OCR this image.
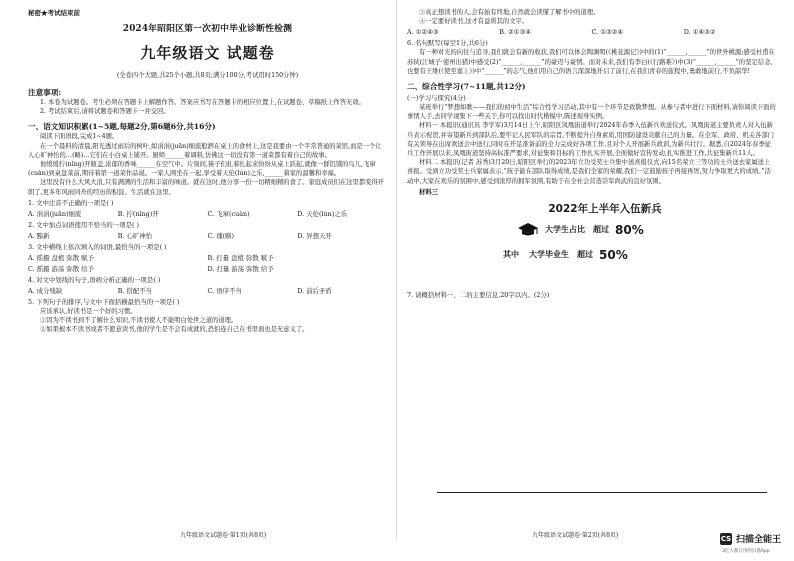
秘密★考试结束前
2024年昭阳区第一次初中毕业诊断性检测
九年级语文 试题卷
(全卷四个大题,共25个小题,共8页;满分100分,考试用时150分钟)
注意事项:

1. 本卷为试题卷。考生必须在答题卡上解题作答。答案应书写在答题卡的相应位置上,在试题卷、草稿纸上作答无效。

2. 考试结束后,请将试题卷和答题卡一并交回。

一、语文知识积累(1~5题,每题2分,第6题6分,共16分)

阅读下面语段,完成1~4题。

在一个晨料的清晨,阳光透过雨后的树叶,如涓涓(juān)细流般洒在桌上的食材上,这是我要由一个平常普通的菜馆,而是一个让人心旷神怡的…(略)…它们在小白桌上铺开。厨师______着调料,仿佛这一切没有第一道菜都有着自己的故事。

他缓缓拧(nǐng)开瓶盖,浓郁的香味______在空气中。片刻间,筷子们扎着扎起来纷纷从桌上跃起,就像一群饥饿的鸟儿,飞窜(cuàn)到桌盘菜前,期待着第一道菜作品诞。一家人围坐在一起,享受着天伦(lún)之乐,______着家的温馨和幸福。

这里没有什么大风大浪,只有满满的生活和丰富的味道。就在这时,他分享一份一切精细精的食了。家庭成员们在这里都变得开朗了,更多年风雨同舟的经历的积淀。生活就在这里。

1. 文中注音不正确的一项是( )
A. 涓涓(juān)细流	B. 拧(nǐng)开	C. 飞窜(cuàn)	D. 天伦(lún)之乐
2. 文中加点词语使用不恰当的一项是( )
A. 黯新	B. 心旷神怡	C. 瑰(略)	D. 异想天开
3. 文中横线上依次填入的词语,最恰当的一项是( )
A. 摇摄 盘植 弥散 赋予	B. 打量 盘植 弥散 赋予
C. 摇摄 游荡 弥散 给予	D. 打量 游荡 弥散 给予
4. 对文中划线的句子,语病分析正确的一项是( )
A. 成分残缺	B. 搭配不当	C. 语序不当	D. 前后矛盾
5. 下列句子的排序,与文中下面括横最恰当的一项是( )

应该承认,好读书是一个好的习惯。

①因为不读书到不了解什么知识,不读书使人不能明白处世之道的道理。

②如果根本不读书或者不愿意读书,他的学生是不会有成就的,恐怕连自己在书里面也是无意义了。

九年级语文试题卷·第1页(共8页)

③真正想读书的人,会有始有终地,自然就会读懂了解书中的道理。

④一定要好读书,这才有益将其的文字。

A. ①②④③	B. ②①③④	C. ①③②④	D. ①④③②
6. 名句默写(每空1分,共6分)

有一种对光的向往与追寻,我们就会有新的收获,我们可以体会陶渊明(《桃花源记》)中的(1)“______,______”的世外桃源;感受杜甫在苏轼(江城子·密州出猎)中感受(2)“______,______”的豪迈与豪情。而对未来,我们有李白(《行路难》)中(3)“______,______”的坚定信念,也要有王维(《使至塞上》)中“______”的志气,他们用自己的语言深深地开启了前行,在我们青春的旅程中,勇敢地前行,不负韶华!

二、综合性学习(7~11题,共12分)
(一)学习与探究(4分)

某班举行“梦想如歌——我们的初中生活”综合性学习活动,其中有一个环节是致敬梦想。从参与者中进行下面材料,请你阅读下面的事情人手,去同学现集下一些关于,你可以找出时代楷模中,陈述现身实例。

材料一 本报讯(通讯员 李学军)3月14日上午,昭阳区凤凰街道举行2024年春季入伍新兵欢送仪式。凤凰街道主要负责人对入伍新兵表示祝贺,并寄望新兵到部队后,要牢记人民军队的宗旨,不断提升自身素质,用国防建设贡献自己的力量。在全军、政府、机关各部门有关领导在出席欢送会中送行,同时在开足准备前的全力完成好各项工作,且对个人开展新兵政训,为新兵壮行。据悉,自2024年春季征兵工作开展以来,凤凰街道坚持高标准严要求,对征集和目标的工作扎实开展,全面做好宣传发动,扎实推进工作,共征集新兵11人。

材料二 本报讯(记者 苏秀)3月20日,昭阳区举行的2023年立功受奖士兵集中送喜报仪式,向15名荣立三等功的士兵送去家属送上喜报。受到立功受奖士兵家属表示,“孩子能在部队取得成绩,是我们全家的荣耀,我们一定鼓励孩子再接再厉,努力争取更大的成绩。”活动中,大家在欢乐的氛围中,感受到浓厚的拥军氛围,有助于在全社会营造崇军尚武的良好氛围。

材料三
2022年上半年入伍新兵
大学生占比 超过 80%
其中 大学毕业生 超过 50%
7. 请概括材料一、二的主要信息,20字以内。(2分)
九年级语文试题卷·第2页(共8页)	CS 扫描全能王
3亿人都在用的扫描App
